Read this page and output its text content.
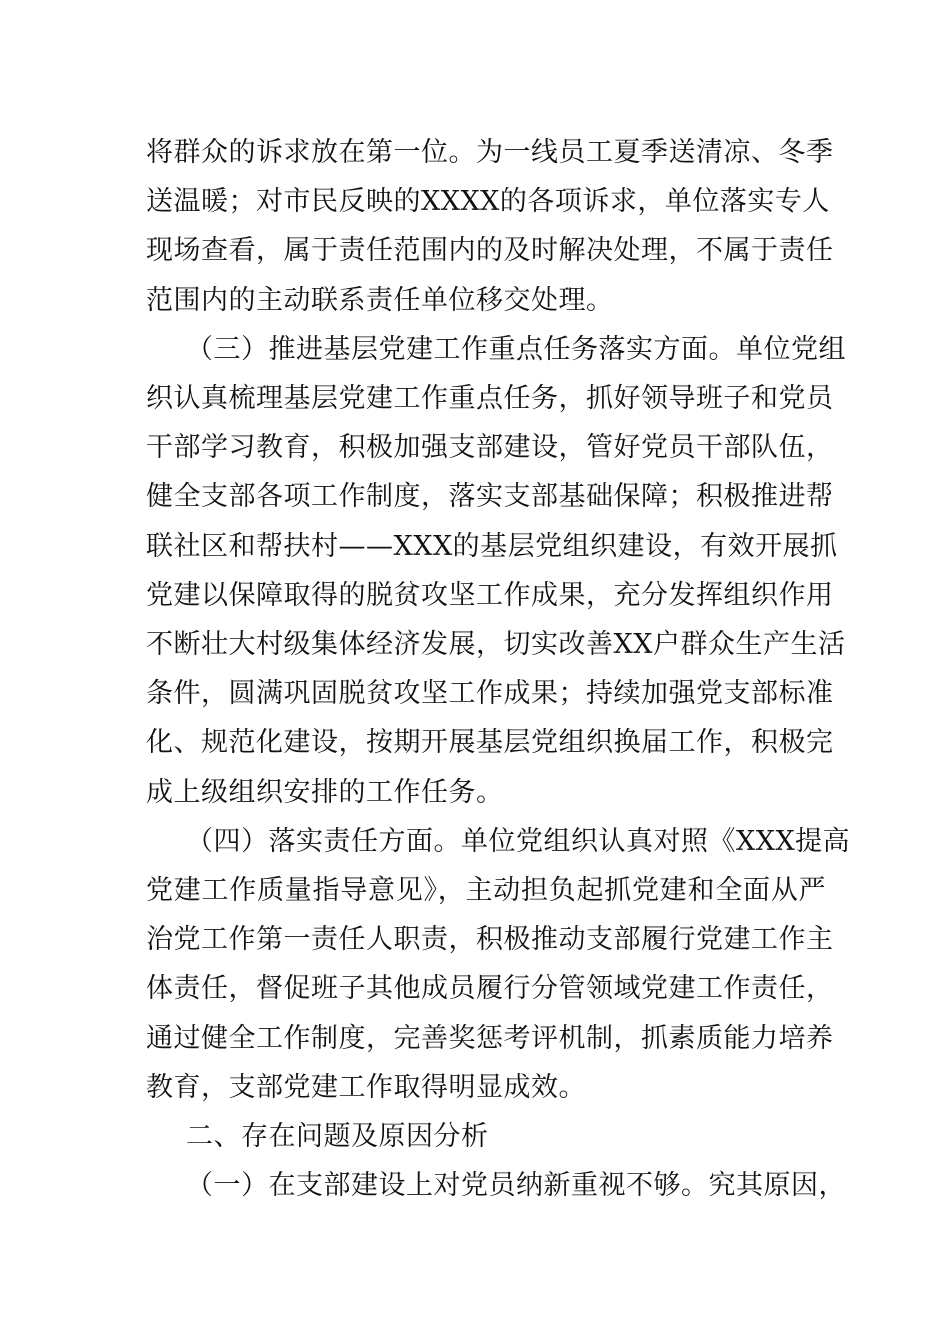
将群众的诉求放在第一位。为一线员工夏季送清凉、冬季
送温暖；对市民反映的XXXX的各项诉求，单位落实专人
现场查看，属于责任范围内的及时解决处理，不属于责任
范围内的主动联系责任单位移交处理。
（三）推进基层党建工作重点任务落实方面。单位党组
织认真梳理基层党建工作重点任务，抓好领导班子和党员
干部学习教育，积极加强支部建设，管好党员干部队伍，
健全支部各项工作制度，落实支部基础保障；积极推进帮
联社区和帮扶村——XXX的基层党组织建设，有效开展抓
党建以保障取得的脱贫攻坚工作成果，充分发挥组织作用
不断壮大村级集体经济发展，切实改善XX户群众生产生活
条件，圆满巩固脱贫攻坚工作成果；持续加强党支部标准
化、规范化建设，按期开展基层党组织换届工作，积极完
成上级组织安排的工作任务。
（四）落实责任方面。单位党组织认真对照《XXX提高
党建工作质量指导意见》，主动担负起抓党建和全面从严
治党工作第一责任人职责，积极推动支部履行党建工作主
体责任，督促班子其他成员履行分管领域党建工作责任，
通过健全工作制度，完善奖惩考评机制，抓素质能力培养
教育，支部党建工作取得明显成效。
二、存在问题及原因分析
（一）在支部建设上对党员纳新重视不够。究其原因，
